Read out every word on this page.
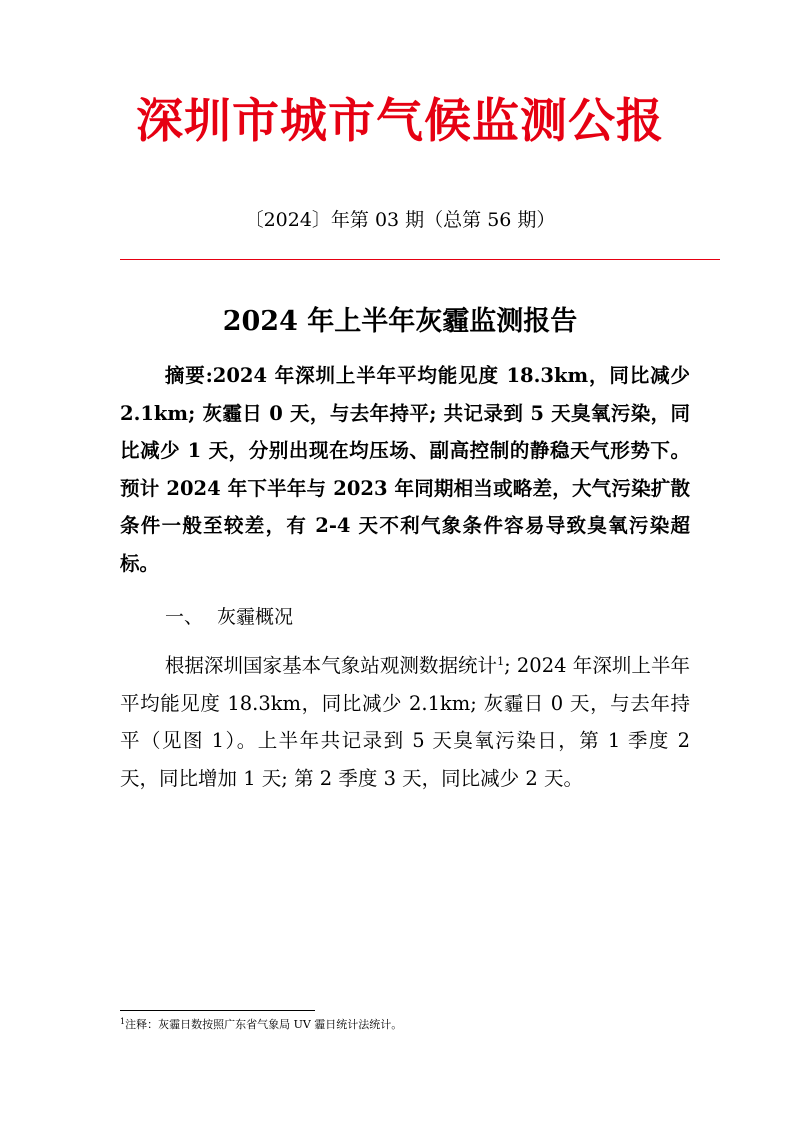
深圳市城市气候监测公报
〔2024〕年第 03 期（总第 56 期）
2024 年上半年灰霾监测报告

摘要:2024 年深圳上半年平均能见度 18.3km，同比减少 2.1km; 灰霾日 0 天，与去年持平; 共记录到 5 天臭氧污染，同比减少 1 天，分别出现在均压场、副高控制的静稳天气形势下。预计 2024 年下半年与 2023 年同期相当或略差，大气污染扩散条件一般至较差，有 2-4 天不利气象条件容易导致臭氧污染超标。

一、 灰霾概况

根据深圳国家基本气象站观测数据统计$^1$; 2024 年深圳上半年平均能见度 18.3km，同比减少 2.1km; 灰霾日 0 天，与去年持平（见图 1）。上半年共记录到 5 天臭氧污染日，第 1 季度 2 天，同比增加 1 天; 第 2 季度 3 天，同比减少 2 天。

$^1$注释：灰霾日数按照广东省气象局 UV 霾日统计法统计。
